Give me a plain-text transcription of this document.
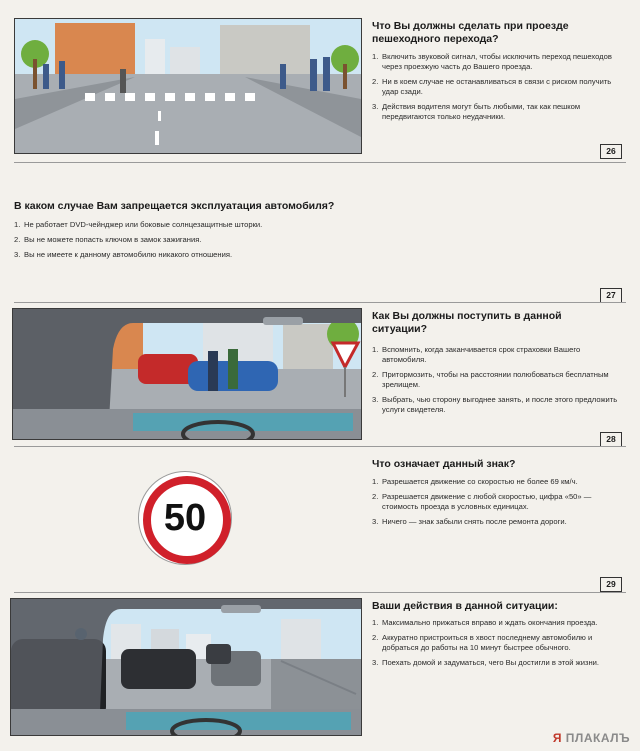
Что Вы должны сделать при проезде пешеходного перехода?
1. Включить звуковой сигнал, чтобы исключить переход пешеходов через проезжую часть до Вашего проезда.
2. Ни в коем случае не останавливаться в связи с риском получить удар сзади.
3. Действия водителя могут быть любыми, так как пешком передвигаются только неудачники.
26
В каком случае Вам запрещается эксплуатация автомобиля?
1. Не работает DVD-чейнджер или боковые солнцезащитные шторки.
2. Вы не можете попасть ключом в замок зажигания.
3. Вы не имеете к данному автомобилю никакого отношения.
27
Как Вы должны поступить в данной ситуации?
1. Вспомнить, когда заканчивается срок страховки Вашего автомобиля.
2. Притормозить, чтобы на расстоянии полюбоваться бесплатным зрелищем.
3. Выбрать, чью сторону выгоднее занять, и после этого предложить услуги свидетеля.
28
50
Что означает данный знак?
1. Разрешается движение со скоростью не более 69 км/ч.
2. Разрешается движение с любой скоростью, цифра «50» — стоимость проезда в условных единицах.
3. Ничего — знак забыли снять после ремонта дороги.
29
Ваши действия в данной ситуации:
1. Максимально прижаться вправо и ждать окончания проезда.
2. Аккуратно пристроиться в хвост последнему автомобилю и добраться до работы на 10 минут быстрее обычного.
3. Поехать домой и задуматься, чего Вы достигли в этой жизни.
Я ПЛАКАЛЪ
